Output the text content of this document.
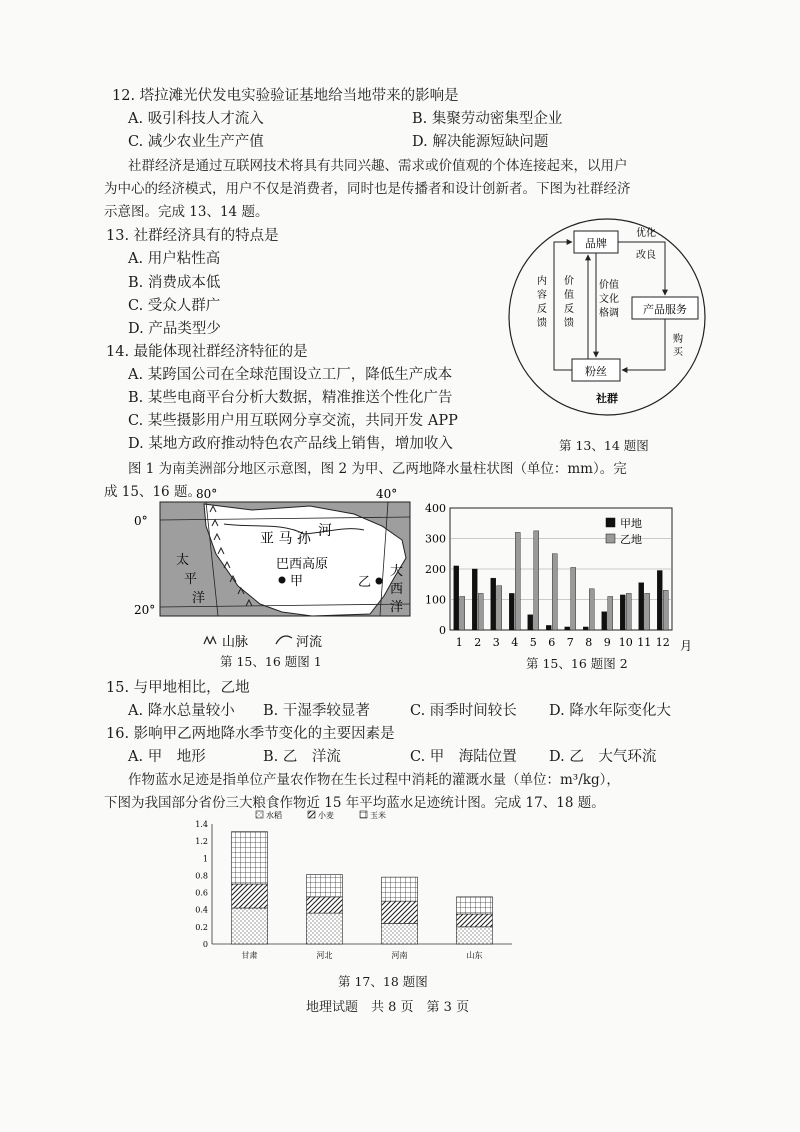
12. 塔拉滩光伏发电实验验证基地给当地带来的影响是
A. 吸引科技人才流入	B. 集聚劳动密集型企业
C. 减少农业生产产值	D. 解决能源短缺问题
社群经济是通过互联网技术将具有共同兴趣、需求或价值观的个体连接起来，以用户
为中心的经济模式，用户不仅是消费者，同时也是传播者和设计创新者。下图为社群经济
示意图。完成 13、14 题。
13. 社群经济具有的特点是
A. 用户粘性高
B. 消费成本低
C. 受众人群广
D. 产品类型少
14. 最能体现社群经济特征的是
A. 某跨国公司在全球范围设立工厂，降低生产成本
B. 某些电商平台分析大数据，精准推送个性化广告
C. 某些摄影用户用互联网分享交流，共同开发 APP
D. 某地方政府推动特色农产品线上销售，增加收入
品牌
产品服务
粉丝
优化
改良
购
买
内
容
反
馈
价
值
反
馈
价值
文化
格调
社群
第 13、14 题图
图 1 为南美洲部分地区示意图，图 2 为甲、乙两地降水量柱状图（单位：mm）。完
成 15、16 题。
80°	40°
0°
20°
亚 马 孙 河
巴西高原
甲	乙
太
平
洋
大
西
洋
山脉	河流
第 15、16 题图 1
0
100
200
300
400
1 2 3 4 5 6 7 8 9 10 11 12 月
甲地
乙地
第 15、16 题图 2
15. 与甲地相比，乙地
A. 降水总量较小 B. 干湿季较显著	C. 雨季时间较长 D. 降水年际变化大
16. 影响甲乙两地降水季节变化的主要因素是
A. 甲　地形	B. 乙　洋流	C. 甲　海陆位置 D. 乙　大气环流
作物蓝水足迹是指单位产量农作物在生长过程中消耗的灌溉水量（单位：m³/kg），
下图为我国部分省份三大粮食作物近 15 年平均蓝水足迹统计图。完成 17、18 题。
0
0.2
0.4
0.6
0.8
1
1.2
1.4
甘肃	河北	河南	山东
水稻	小麦	玉米
第 17、18 题图
地理试题　共 8 页　第 3 页
